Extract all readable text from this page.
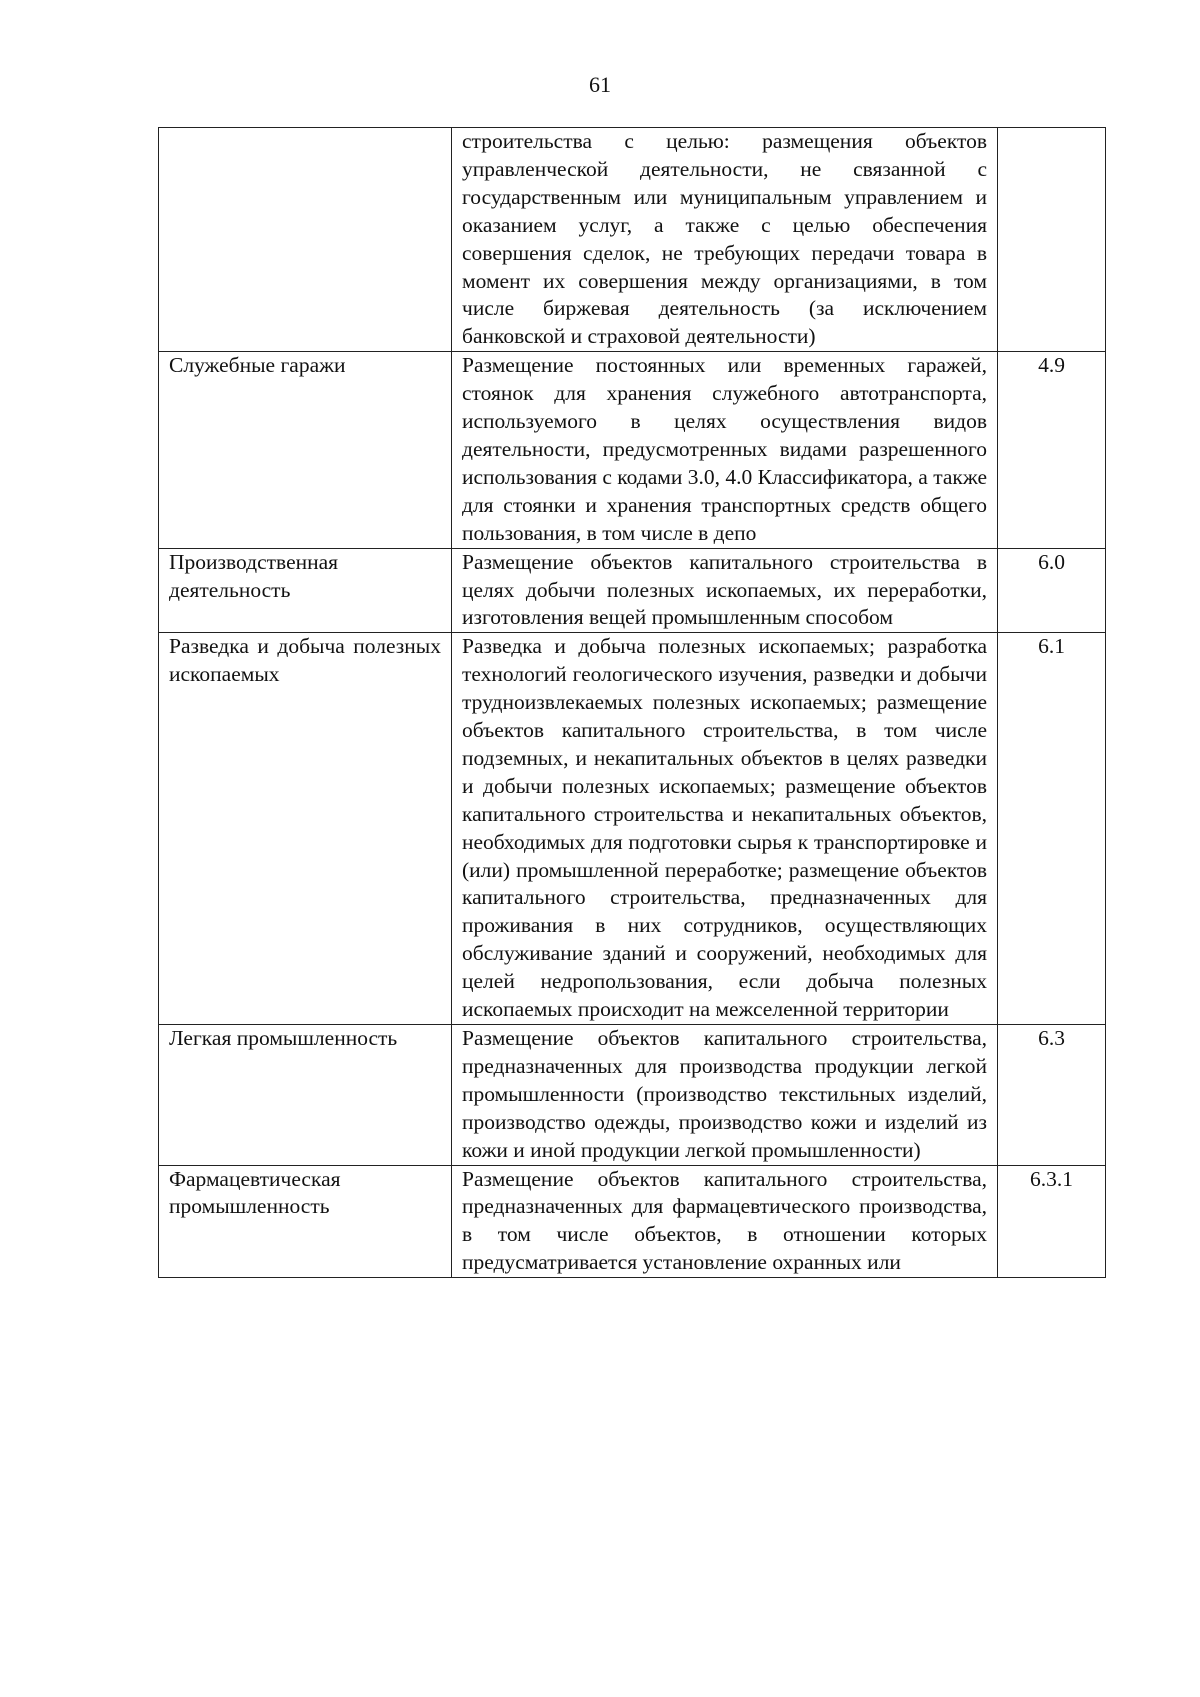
61
	строительства с целью: размещения объектов управленческой деятельности, не связанной с государственным или муниципальным управлением и оказанием услуг, а также с целью обеспечения совершения сделок, не требующих передачи товара в момент их совершения между организациями, в том числе биржевая деятельность (за исключением банковской и страховой деятельности)	
Служебные гаражи	Размещение постоянных или временных гаражей, стоянок для хранения служебного автотранспорта, используемого в целях осуществления видов деятельности, предусмотренных видами разрешенного использования с кодами 3.0, 4.0 Классификатора, а также для стоянки и хранения транспортных средств общего пользования, в том числе в депо	4.9
Производственная деятельность	Размещение объектов капитального строительства в целях добычи полезных ископаемых, их переработки, изготовления вещей промышленным способом	6.0
Разведка и добыча полезных ископаемых	Разведка и добыча полезных ископаемых; разработка технологий геологического изучения, разведки и добычи трудноизвлекаемых полезных ископаемых; размещение объектов капитального строительства, в том числе подземных, и некапитальных объектов в целях разведки и добычи полезных ископаемых; размещение объектов капитального строительства и некапитальных объектов, необходимых для подготовки сырья к транспортировке и (или) промышленной переработке; размещение объектов капитального строительства, предназначенных для проживания в них сотрудников, осуществляющих обслуживание зданий и сооружений, необходимых для целей недропользования, если добыча полезных ископаемых происходит на межселенной территории	6.1
Легкая промышленность	Размещение объектов капитального строительства, предназначенных для производства продукции легкой промышленности (производство текстильных изделий, производство одежды, производство кожи и изделий из кожи и иной продукции легкой промышленности)	6.3
Фармацевтическая промышленность	Размещение объектов капитального строительства, предназначенных для фармацевтического производства, в том числе объектов, в отношении которых предусматривается установление охранных или	6.3.1
